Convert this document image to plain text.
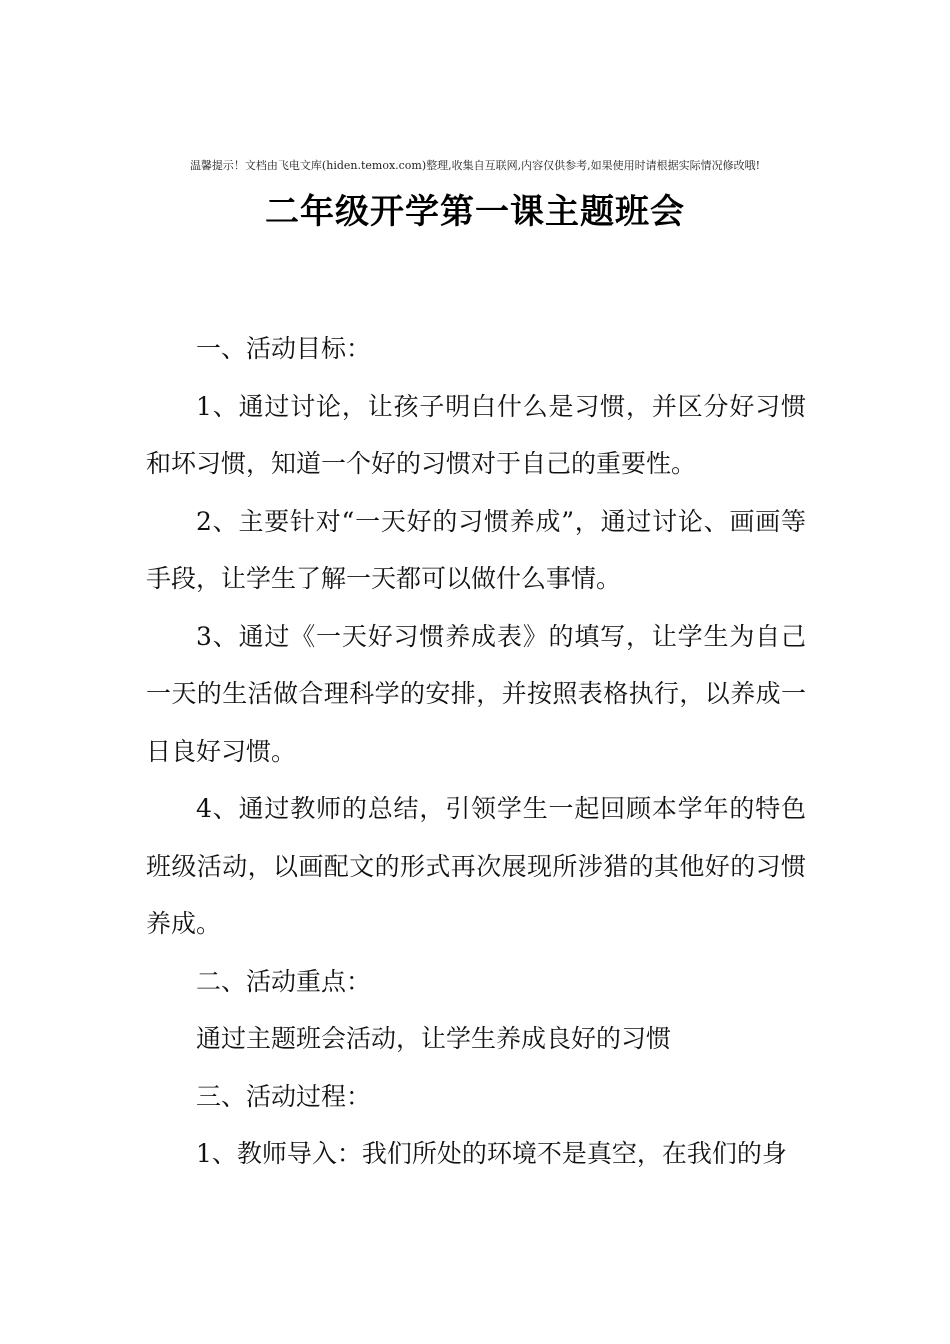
温馨提示！文档由飞电文库(hiden.temox.com)整理,收集自互联网,内容仅供参考,如果使用时请根据实际情况修改哦!
二年级开学第一课主题班会

一、活动目标：

1、通过讨论，让孩子明白什么是习惯，并区分好习惯和坏习惯，知道一个好的习惯对于自己的重要性。

2、主要针对“一天好的习惯养成”，通过讨论、画画等手段，让学生了解一天都可以做什么事情。

3、通过《一天好习惯养成表》的填写，让学生为自己一天的生活做合理科学的安排，并按照表格执行，以养成一日良好习惯。

4、通过教师的总结，引领学生一起回顾本学年的特色班级活动，以画配文的形式再次展现所涉猎的其他好的习惯养成。

二、活动重点：

通过主题班会活动，让学生养成良好的习惯

三、活动过程：

1、教师导入：我们所处的环境不是真空，在我们的身
